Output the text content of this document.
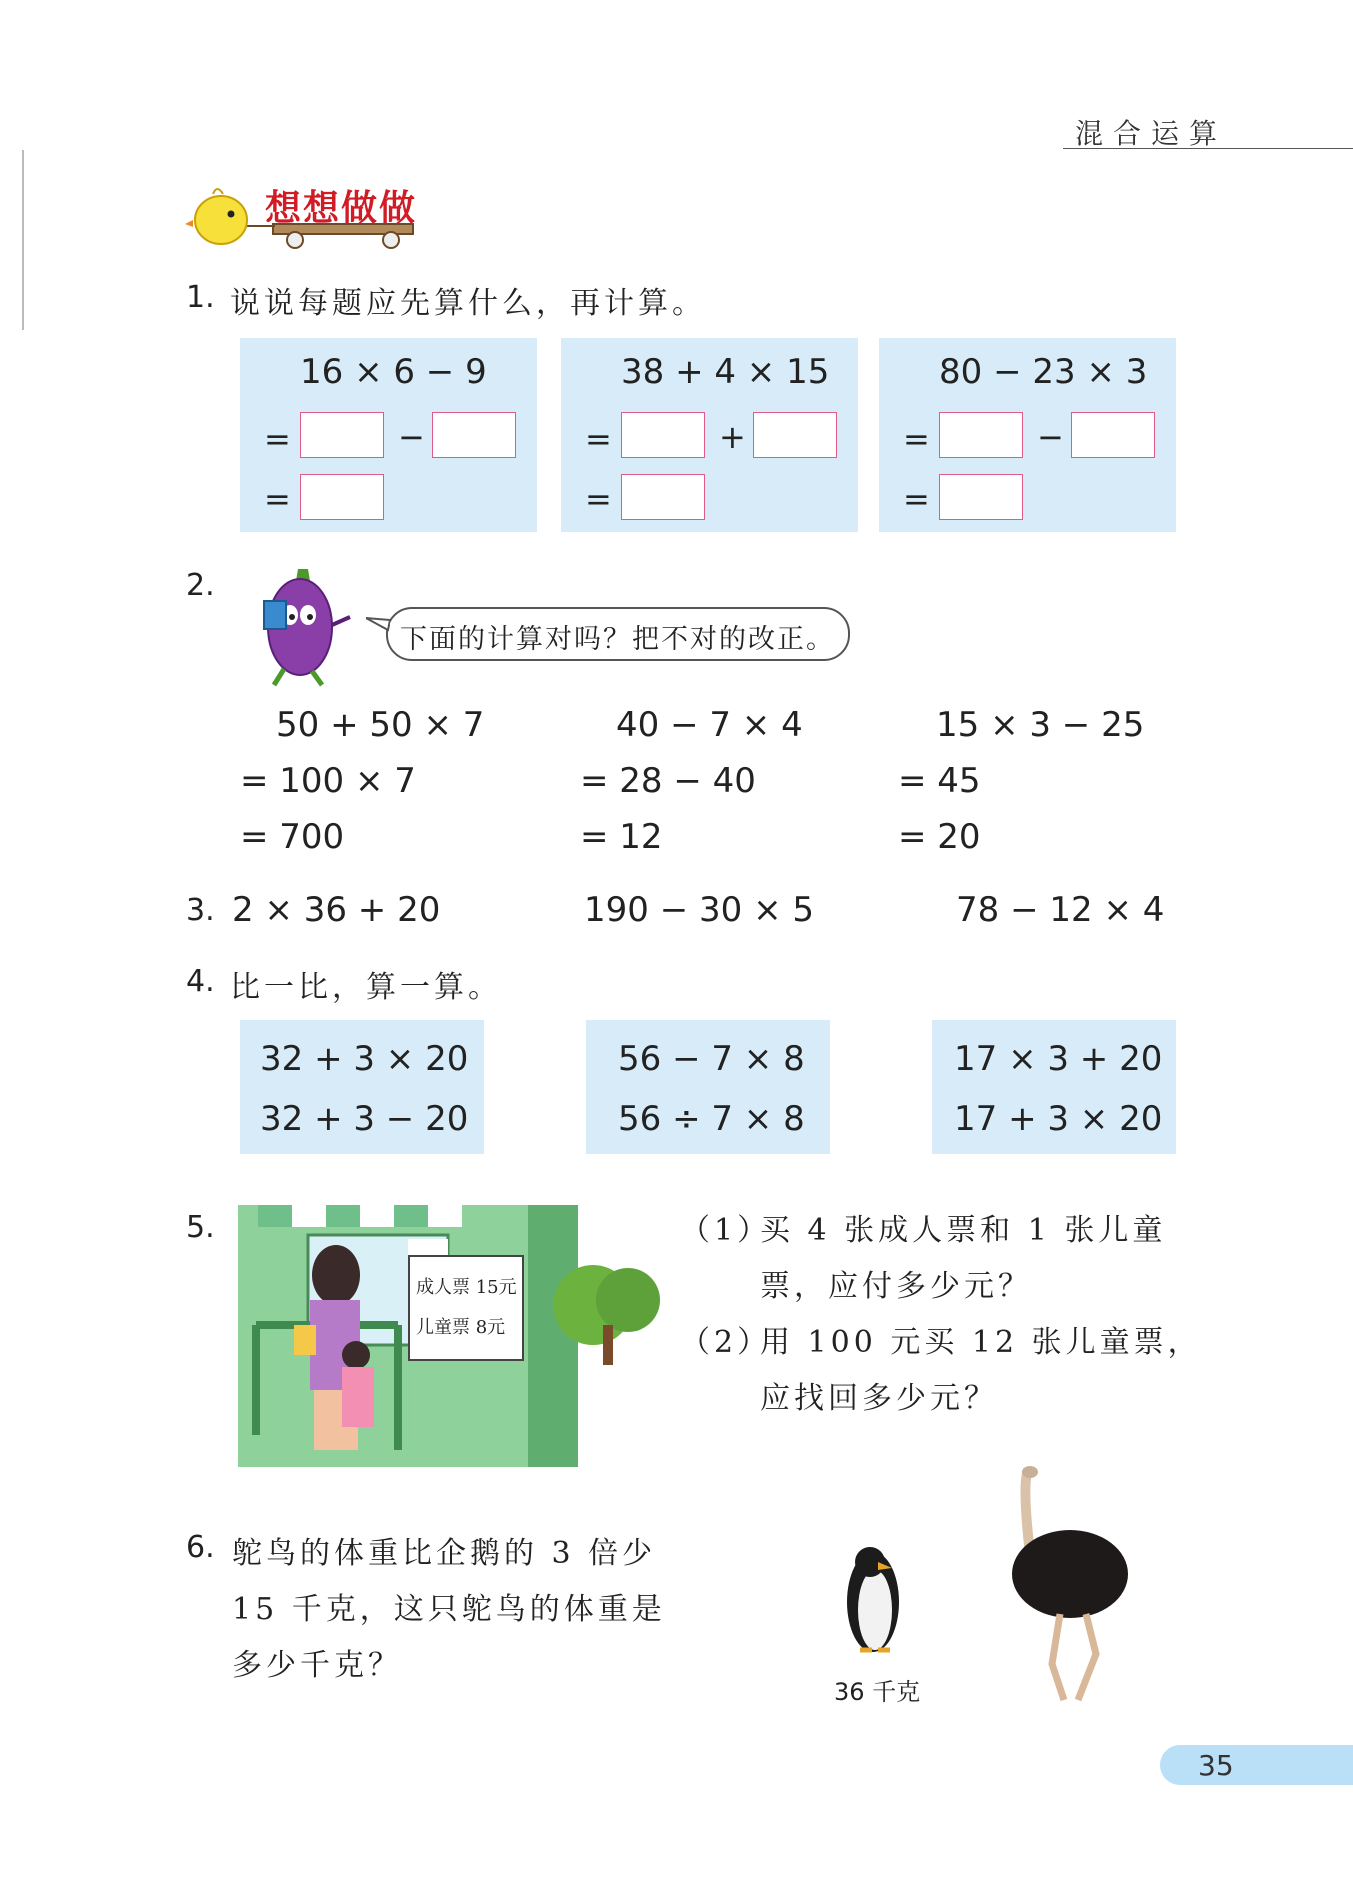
混合运算
想想做做
1. 说说每题应先算什么，再计算。
16 × 6 − 9
=	−
=
38 + 4 × 15
=	+
=
80 − 23 × 3
=	−
=
2.
下面的计算对吗？把不对的改正。
50 + 50 × 7
= 100 × 7
= 700
40 − 7 × 4
= 28 − 40
= 12
15 × 3 − 25
= 45
= 20
3. 2 × 36 + 20	190 − 30 × 5	78 − 12 × 4
4. 比一比，算一算。
32 + 3 × 20
32 + 3 − 20
56 − 7 × 8
56 ÷ 7 × 8
17 × 3 + 20
17 + 3 × 20
5.
成人票 15元
儿童票 8元
（1）
买 4 张成人票和 1 张儿童
票，应付多少元？
（2）
用 100 元买 12 张儿童票，
应找回多少元？
6. 鸵鸟的体重比企鹅的 3 倍少
15 千克，这只鸵鸟的体重是
多少千克？
36 千克
35
